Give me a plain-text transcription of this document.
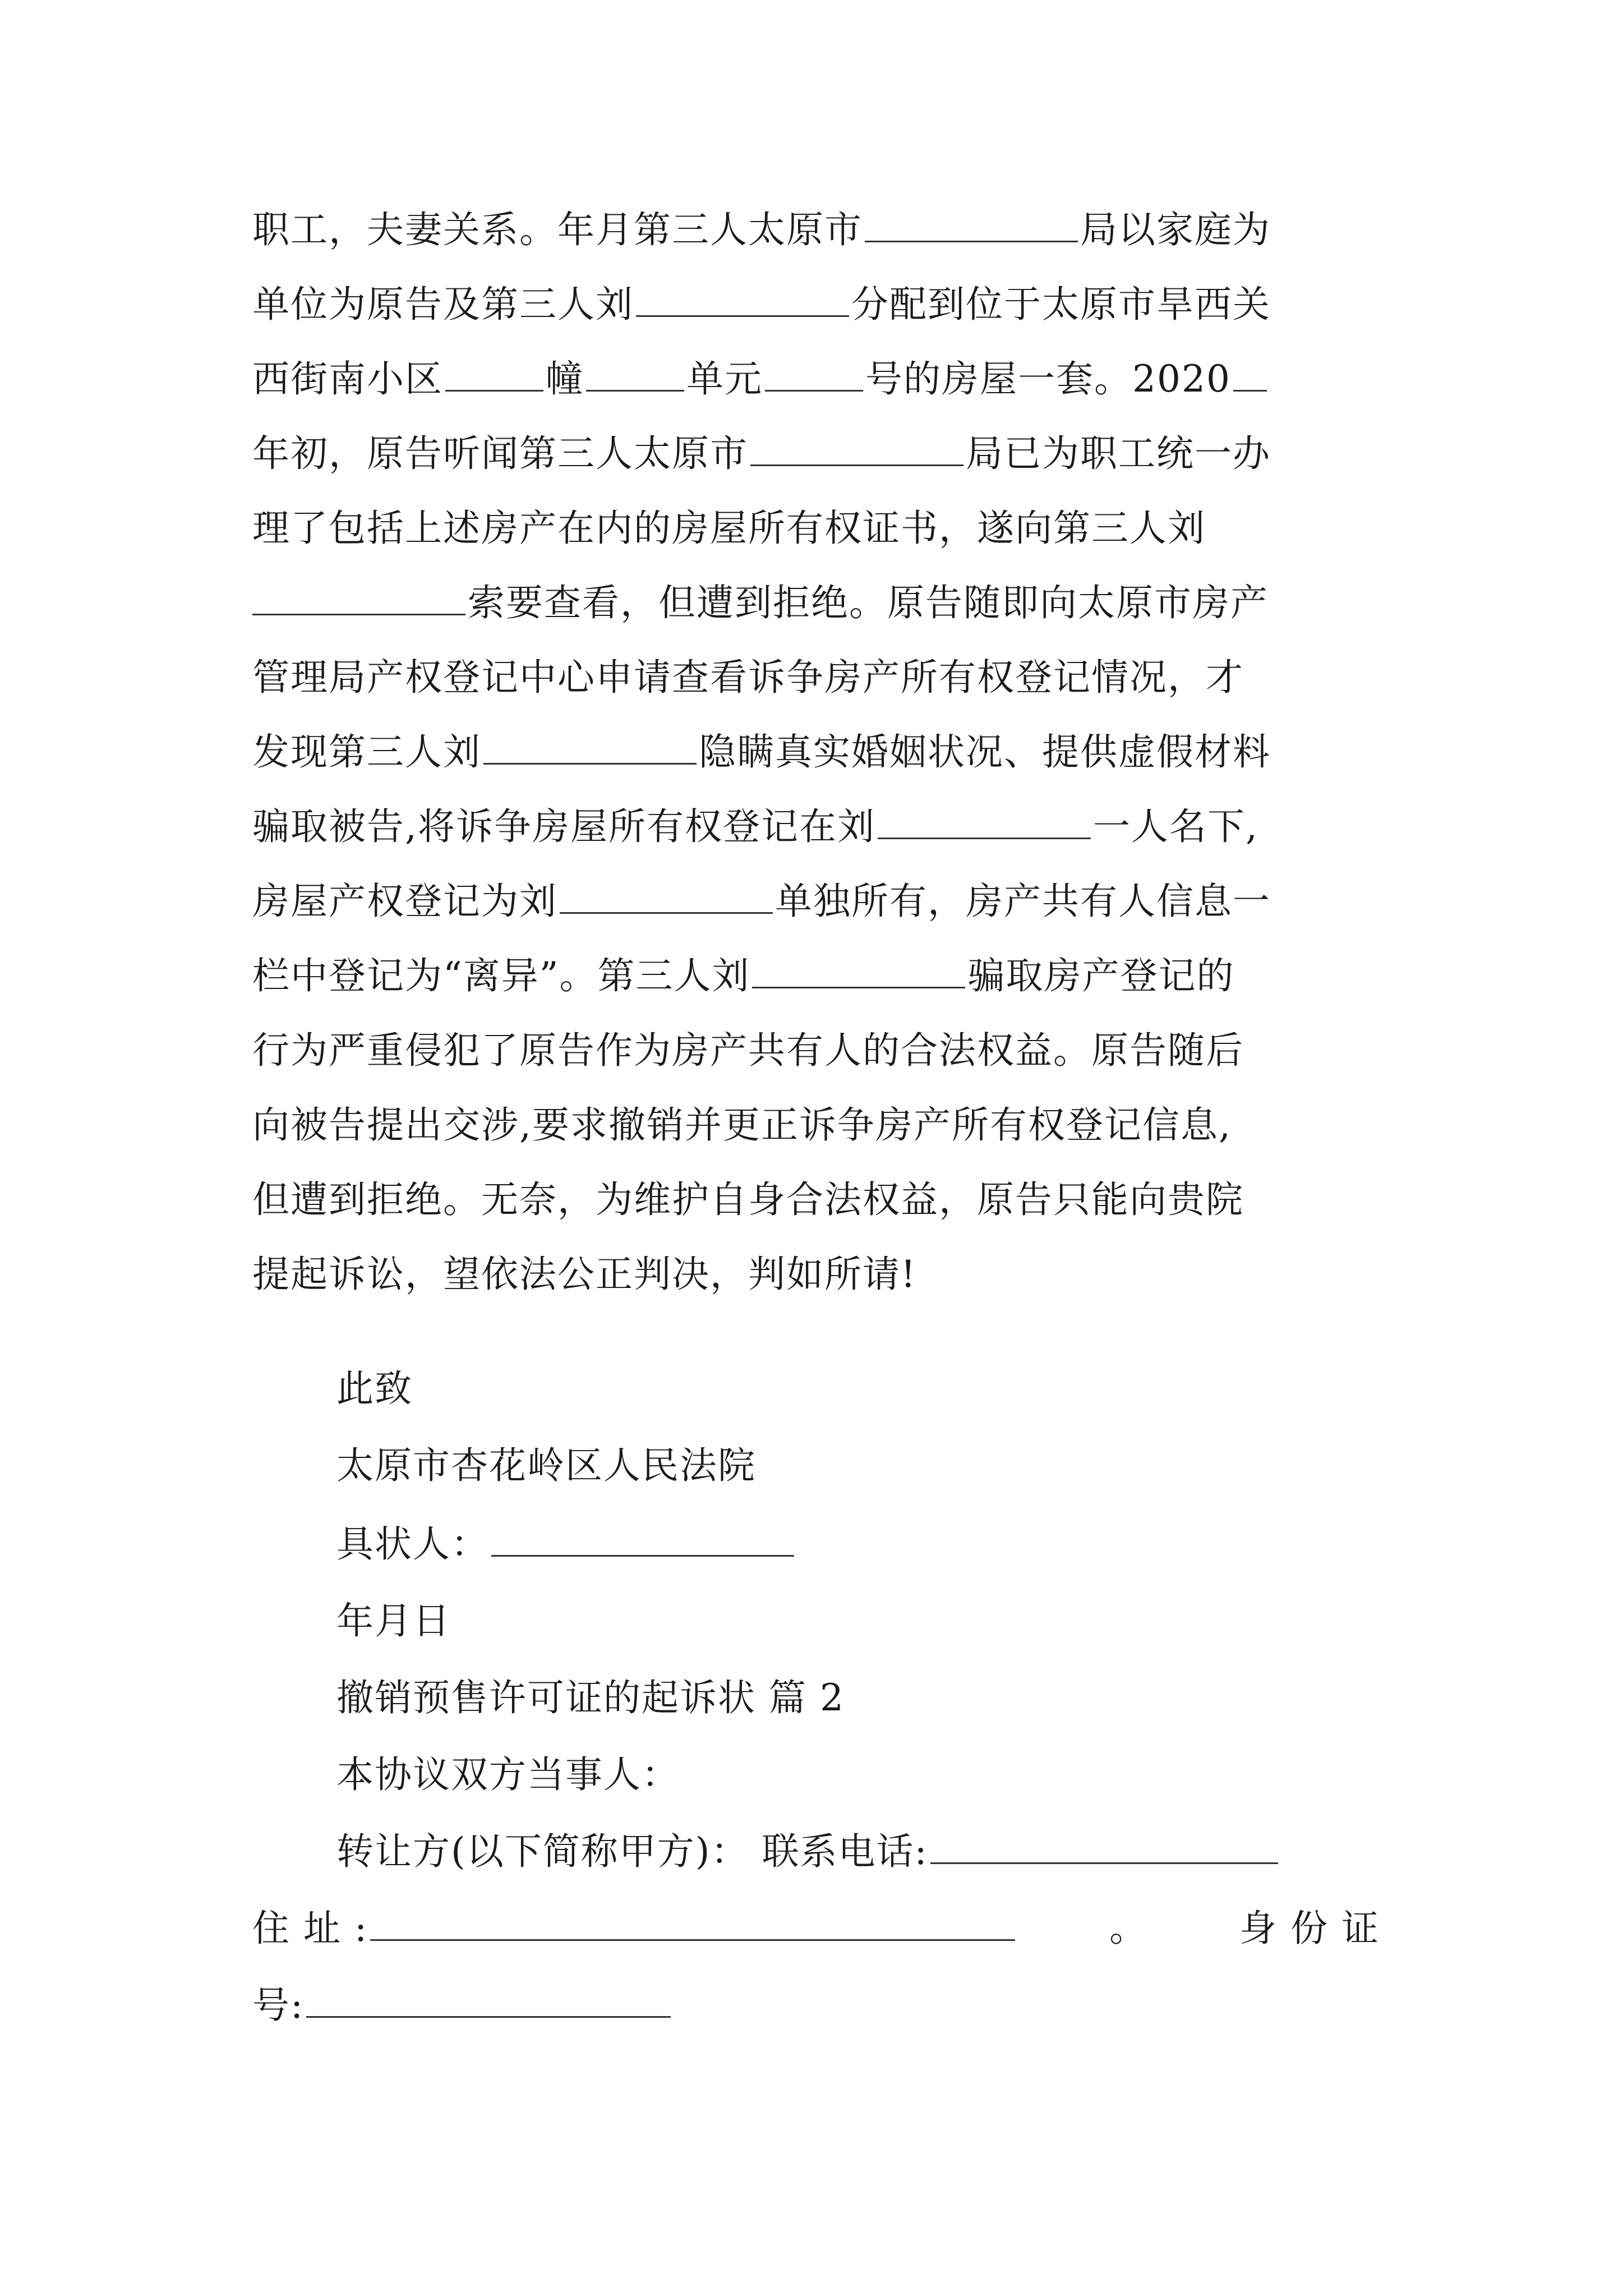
职工，夫妻关系。年月第三人太原市	局以家庭为
单位为原告及第三人刘	分配到位于太原市旱西关
西街南小区	幢	单元	号的房屋一套。2020
年初，原告听闻第三人太原市	局已为职工统一办
理了包括上述房产在内的房屋所有权证书，遂向第三人刘
索要查看，但遭到拒绝。原告随即向太原市房产
管理局产权登记中心申请查看诉争房产所有权登记情况，才
发现第三人刘	隐瞒真实婚姻状况、提供虚假材料
骗取被告,将诉争房屋所有权登记在刘	一人名下,
房屋产权登记为刘	单独所有，房产共有人信息一
栏中登记为“离异”。第三人刘	骗取房产登记的
行为严重侵犯了原告作为房产共有人的合法权益。原告随后
向被告提出交涉,要求撤销并更正诉争房产所有权登记信息,
但遭到拒绝。无奈，为维护自身合法权益，原告只能向贵院
提起诉讼，望依法公正判决，判如所请!
此致
太原市杏花岭区人民法院
具状人：
年月日
撤销预售许可证的起诉状 篇 2
本协议双方当事人：
转让方(以下简称甲方)： 联系电话:
住 址 :	。 身 份 证
号:
